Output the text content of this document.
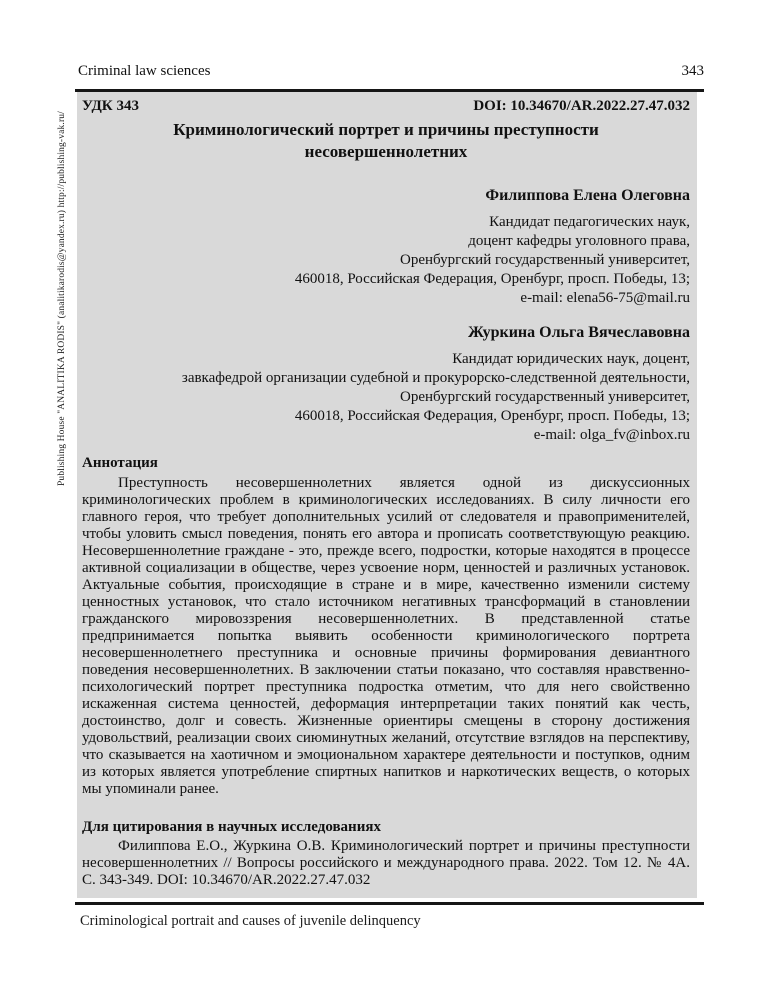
Publishing House "ANALITIKA RODIS" (analitikarodis@yandex.ru) http://publishing-vak.ru/
Criminal law sciences	343
УДК 343	DOI: 10.34670/AR.2022.27.47.032
Криминологический портрет и причины преступности
несовершеннолетних
Филиппова Елена Олеговна
Кандидат педагогических наук,
доцент кафедры уголовного права,
Оренбургский государственный университет,
460018, Российская Федерация, Оренбург, просп. Победы, 13;
e-mail: elena56-75@mail.ru
Журкина Ольга Вячеславовна
Кандидат юридических наук, доцент,
завкафедрой организации судебной и прокурорско-следственной деятельности,
Оренбургский государственный университет,
460018, Российская Федерация, Оренбург, просп. Победы, 13;
e-mail: olga_fv@inbox.ru
Аннотация
Преступность несовершеннолетних является одной из дискуссионных криминологических проблем в криминологических исследованиях. В силу личности его главного героя, что требует дополнительных усилий от следователя и правоприменителей, чтобы уловить смысл поведения, понять его автора и прописать соответствующую реакцию. Несовершеннолетние граждане - это, прежде всего, подростки, которые находятся в процессе активной социализации в обществе, через усвоение норм, ценностей и различных установок. Актуальные события, происходящие в стране и в мире, качественно изменили систему ценностных установок, что стало источником негативных трансформаций в становлении гражданского мировоззрения несовершеннолетних. В представленной статье предпринимается попытка выявить особенности криминологического портрета несовершеннолетнего преступника и основные причины формирования девиантного поведения несовершеннолетних. В заключении статьи показано, что составляя нравственно-психологический портрет преступника подростка отметим, что для него свойственно искаженная система ценностей, деформация интерпретации таких понятий как честь, достоинство, долг и совесть. Жизненные ориентиры смещены в сторону достижения удовольствий, реализации своих сиюминутных желаний, отсутствие взглядов на перспективу, что сказывается на хаотичном и эмоциональном характере деятельности и поступков, одним из которых является употребление спиртных напитков и наркотических веществ, о которых мы упоминали ранее.
Для цитирования в научных исследованиях
Филиппова Е.О., Журкина О.В. Криминологический портрет и причины преступности несовершеннолетних // Вопросы российского и международного права. 2022. Том 12. № 4А. С. 343-349. DOI: 10.34670/AR.2022.27.47.032
Criminological portrait and causes of juvenile delinquency
